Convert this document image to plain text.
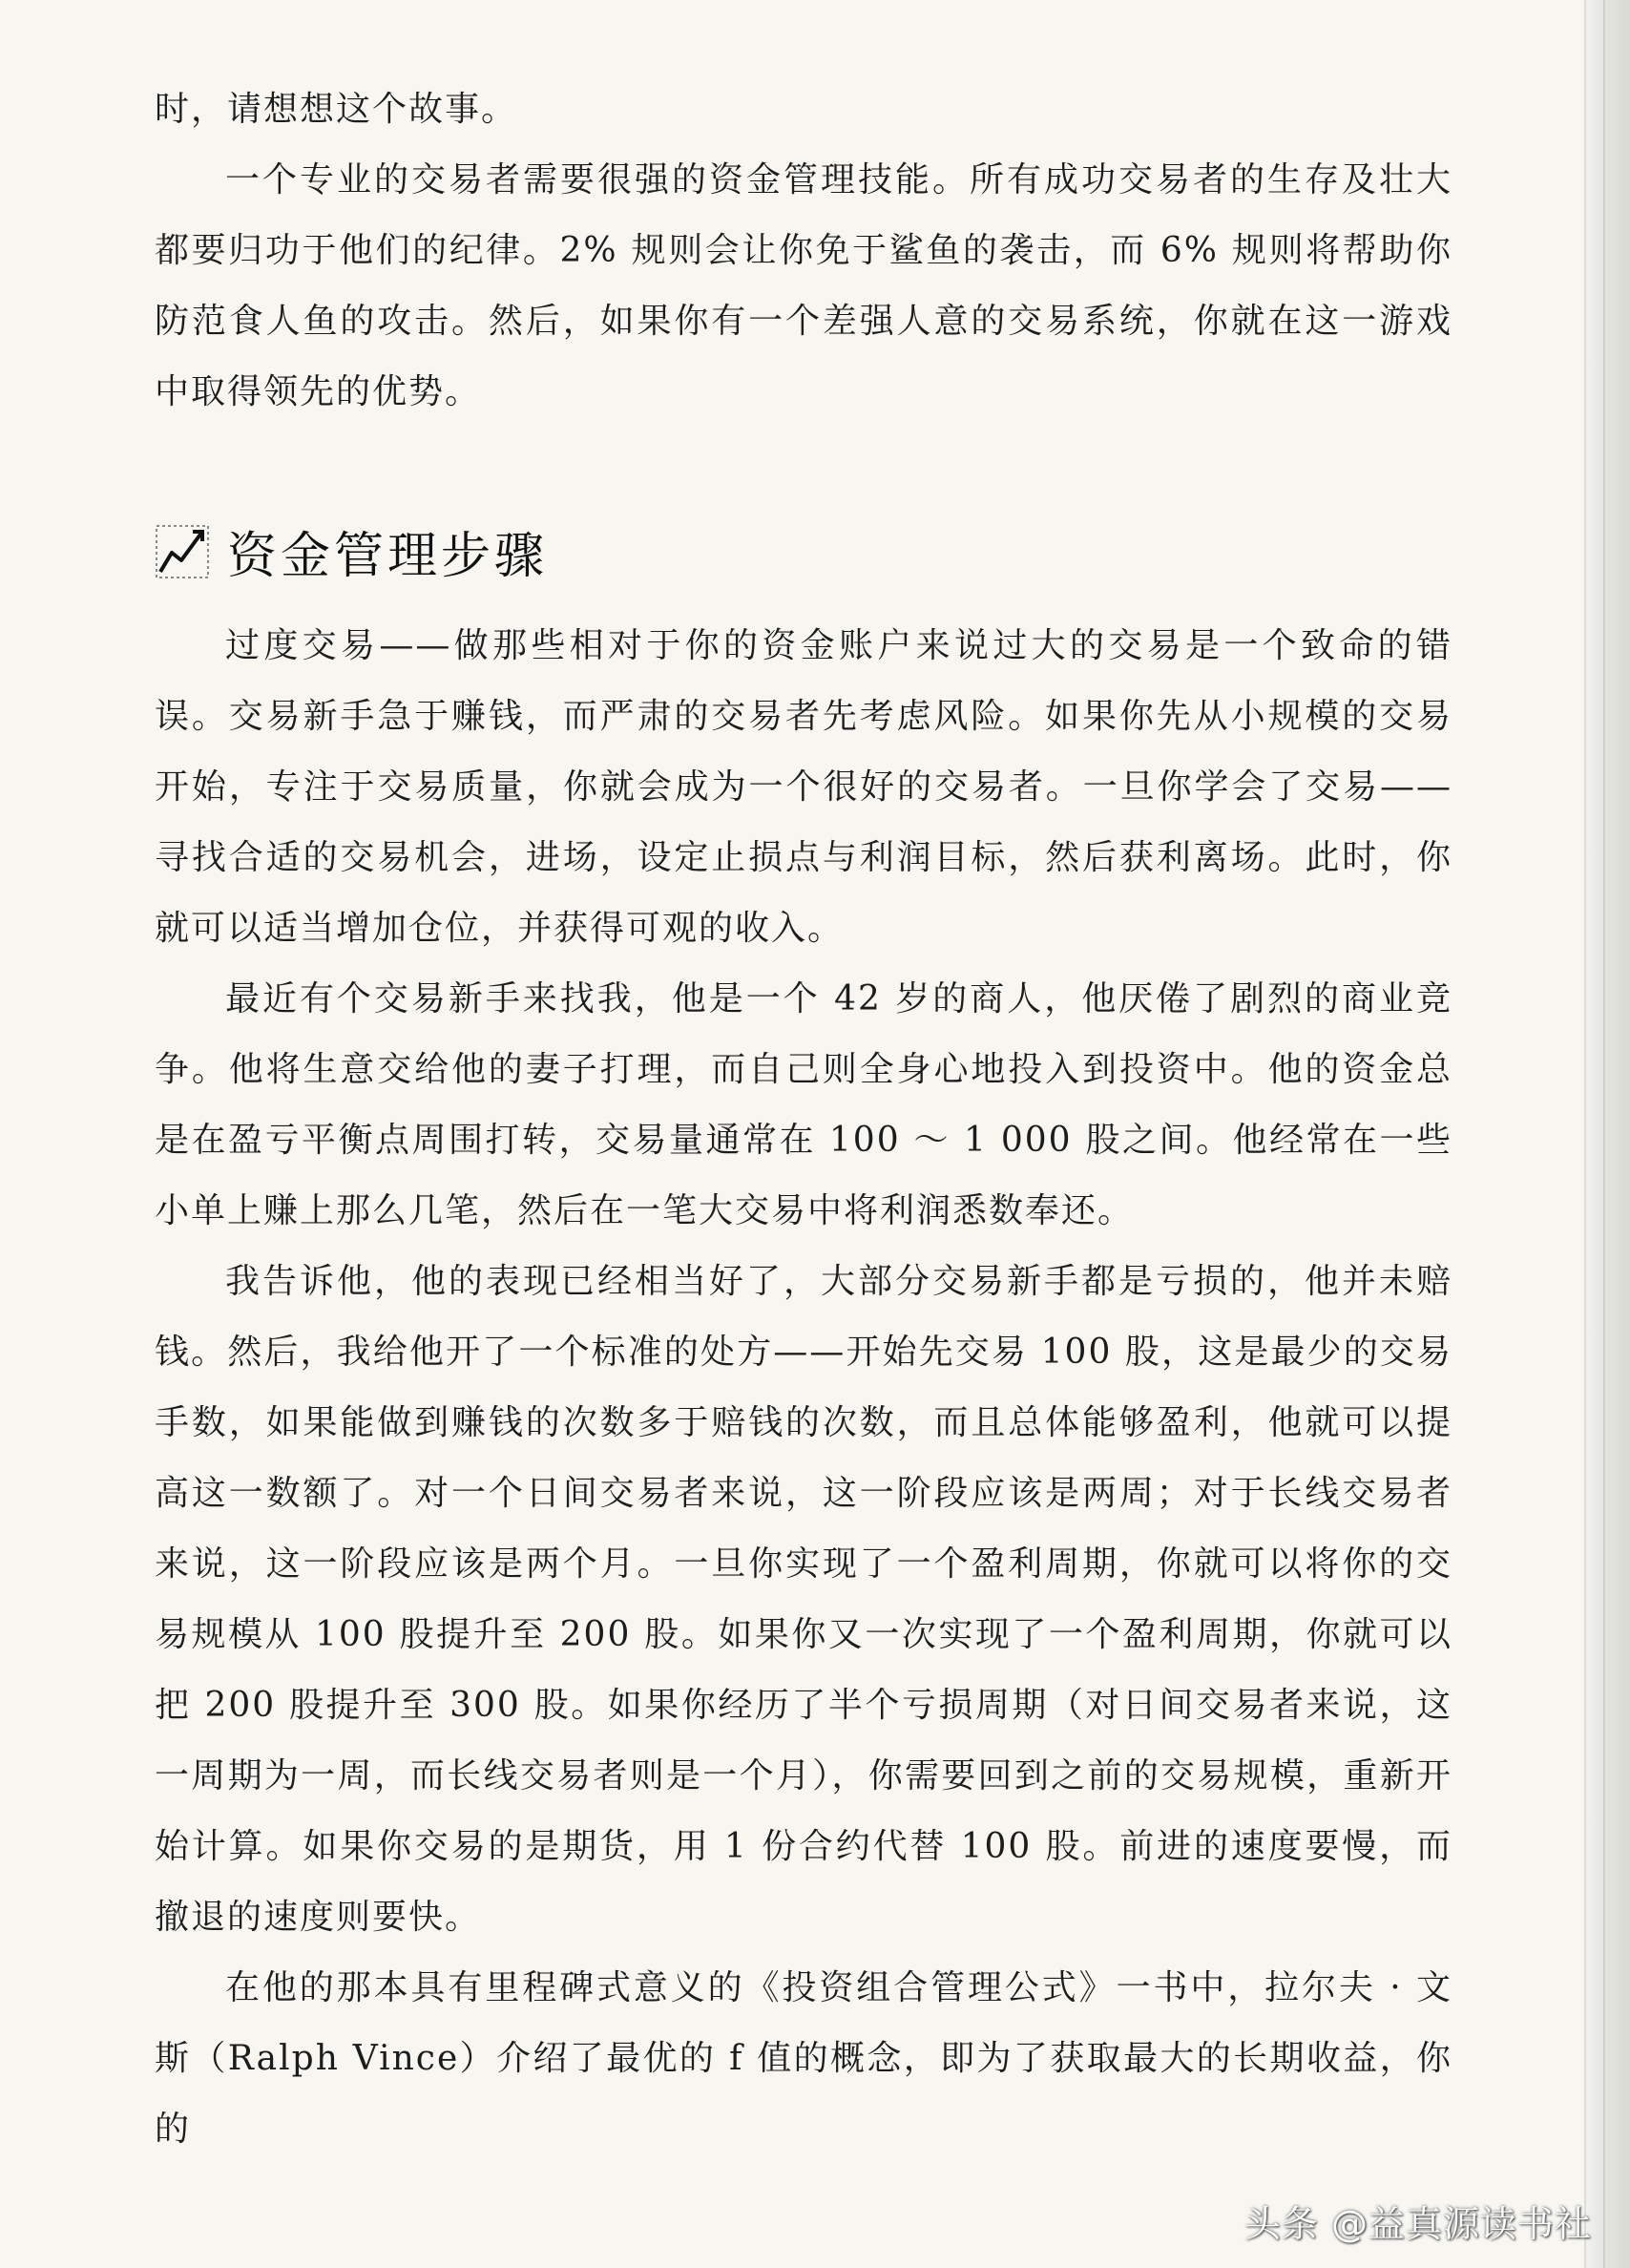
时，请想想这个故事。

一个专业的交易者需要很强的资金管理技能。所有成功交易者的生存及壮大都要归功于他们的纪律。2% 规则会让你免于鲨鱼的袭击，而 6% 规则将帮助你防范食人鱼的攻击。然后，如果你有一个差强人意的交易系统，你就在这一游戏中取得领先的优势。

资金管理步骤

过度交易——做那些相对于你的资金账户来说过大的交易是一个致命的错误。交易新手急于赚钱，而严肃的交易者先考虑风险。如果你先从小规模的交易开始，专注于交易质量，你就会成为一个很好的交易者。一旦你学会了交易——寻找合适的交易机会，进场，设定止损点与利润目标，然后获利离场。此时，你就可以适当增加仓位，并获得可观的收入。

最近有个交易新手来找我，他是一个 42 岁的商人，他厌倦了剧烈的商业竞争。他将生意交给他的妻子打理，而自己则全身心地投入到投资中。他的资金总是在盈亏平衡点周围打转，交易量通常在 100 ～ 1 000 股之间。他经常在一些小单上赚上那么几笔，然后在一笔大交易中将利润悉数奉还。

我告诉他，他的表现已经相当好了，大部分交易新手都是亏损的，他并未赔钱。然后，我给他开了一个标准的处方——开始先交易 100 股，这是最少的交易手数，如果能做到赚钱的次数多于赔钱的次数，而且总体能够盈利，他就可以提高这一数额了。对一个日间交易者来说，这一阶段应该是两周；对于长线交易者来说，这一阶段应该是两个月。一旦你实现了一个盈利周期，你就可以将你的交易规模从 100 股提升至 200 股。如果你又一次实现了一个盈利周期，你就可以把 200 股提升至 300 股。如果你经历了半个亏损周期（对日间交易者来说，这一周期为一周，而长线交易者则是一个月），你需要回到之前的交易规模，重新开始计算。如果你交易的是期货，用 1 份合约代替 100 股。前进的速度要慢，而撤退的速度则要快。

在他的那本具有里程碑式意义的《投资组合管理公式》一书中，拉尔夫 · 文斯（Ralph Vince）介绍了最优的 f 值的概念，即为了获取最大的长期收益，你的

头条 @益真源读书社
